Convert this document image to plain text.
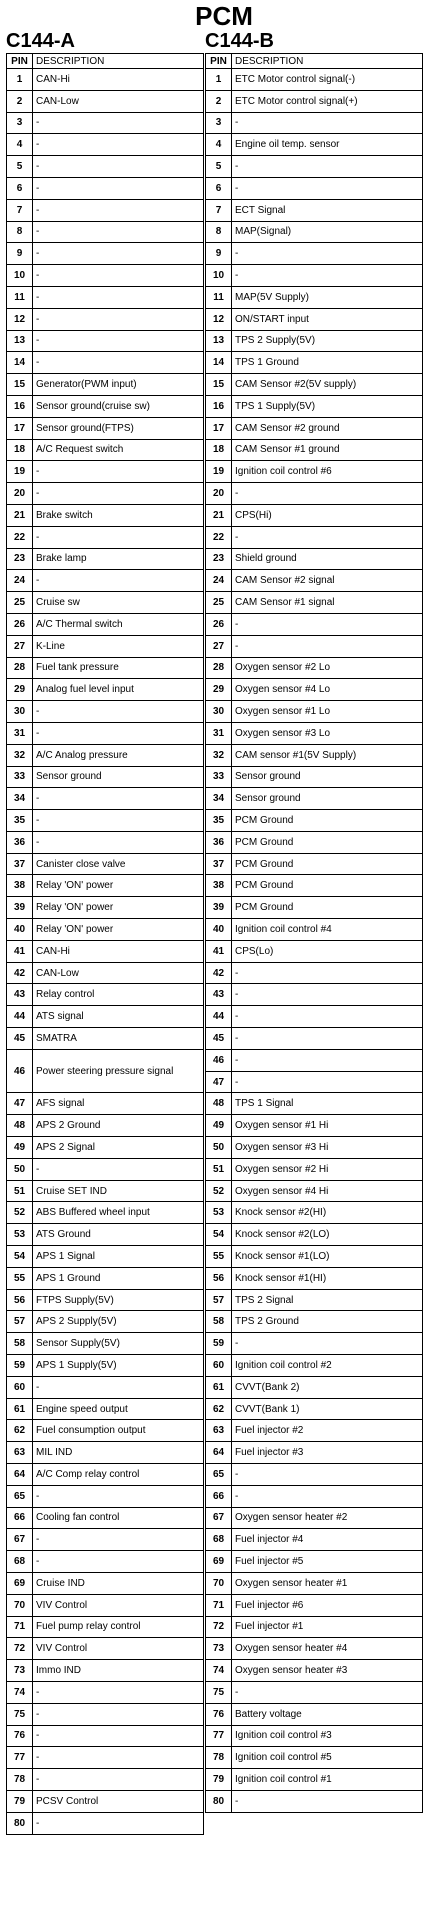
PCM
C144-A	C144-B
PIN	DESCRIPTION
1	CAN-Hi
2	CAN-Low
3	-
4	-
5	-
6	-
7	-
8	-
9	-
10	-
11	-
12	-
13	-
14	-
15	Generator(PWM input)
16	Sensor ground(cruise sw)
17	Sensor ground(FTPS)
18	A/C Request switch
19	-
20	-
21	Brake switch
22	-
23	Brake lamp
24	-
25	Cruise sw
26	A/C Thermal switch
27	K-Line
28	Fuel tank pressure
29	Analog fuel level input
30	-
31	-
32	A/C Analog pressure
33	Sensor ground
34	-
35	-
36	-
37	Canister close valve
38	Relay 'ON' power
39	Relay 'ON' power
40	Relay 'ON' power
41	CAN-Hi
42	CAN-Low
43	Relay control
44	ATS signal
45	SMATRA
46	Power steering pressure signal
47	AFS signal
48	APS 2 Ground
49	APS 2 Signal
50	-
51	Cruise SET IND
52	ABS Buffered wheel input
53	ATS Ground
54	APS 1 Signal
55	APS 1 Ground
56	FTPS Supply(5V)
57	APS 2 Supply(5V)
58	Sensor Supply(5V)
59	APS 1 Supply(5V)
60	-
61	Engine speed output
62	Fuel consumption output
63	MIL IND
64	A/C Comp relay control
65	-
66	Cooling fan control
67	-
68	-
69	Cruise IND
70	VIV Control
71	Fuel pump relay control
72	VIV Control
73	Immo IND
74	-
75	-
76	-
77	-
78	-
79	PCSV Control
80	-
PIN	DESCRIPTION
1	ETC Motor control signal(-)
2	ETC Motor control signal(+)
3	-
4	Engine oil temp. sensor
5	-
6	-
7	ECT Signal
8	MAP(Signal)
9	-
10	-
11	MAP(5V Supply)
12	ON/START input
13	TPS 2 Supply(5V)
14	TPS 1 Ground
15	CAM Sensor #2(5V supply)
16	TPS 1 Supply(5V)
17	CAM Sensor #2 ground
18	CAM Sensor #1 ground
19	Ignition coil control #6
20	-
21	CPS(Hi)
22	-
23	Shield ground
24	CAM Sensor #2 signal
25	CAM Sensor #1 signal
26	-
27	-
28	Oxygen sensor #2 Lo
29	Oxygen sensor #4 Lo
30	Oxygen sensor #1 Lo
31	Oxygen sensor #3 Lo
32	CAM sensor #1(5V Supply)
33	Sensor ground
34	Sensor ground
35	PCM Ground
36	PCM Ground
37	PCM Ground
38	PCM Ground
39	PCM Ground
40	Ignition coil control #4
41	CPS(Lo)
42	-
43	-
44	-
45	-
46	-
47	-
48	TPS 1 Signal
49	Oxygen sensor #1 Hi
50	Oxygen sensor #3 Hi
51	Oxygen sensor #2 Hi
52	Oxygen sensor #4 Hi
53	Knock sensor #2(HI)
54	Knock sensor #2(LO)
55	Knock sensor #1(LO)
56	Knock sensor #1(HI)
57	TPS 2 Signal
58	TPS 2 Ground
59	-
60	Ignition coil control #2
61	CVVT(Bank 2)
62	CVVT(Bank 1)
63	Fuel injector #2
64	Fuel injector #3
65	-
66	-
67	Oxygen sensor heater #2
68	Fuel injector #4
69	Fuel injector #5
70	Oxygen sensor heater #1
71	Fuel injector #6
72	Fuel injector #1
73	Oxygen sensor heater #4
74	Oxygen sensor heater #3
75	-
76	Battery voltage
77	Ignition coil control #3
78	Ignition coil control #5
79	Ignition coil control #1
80	-
